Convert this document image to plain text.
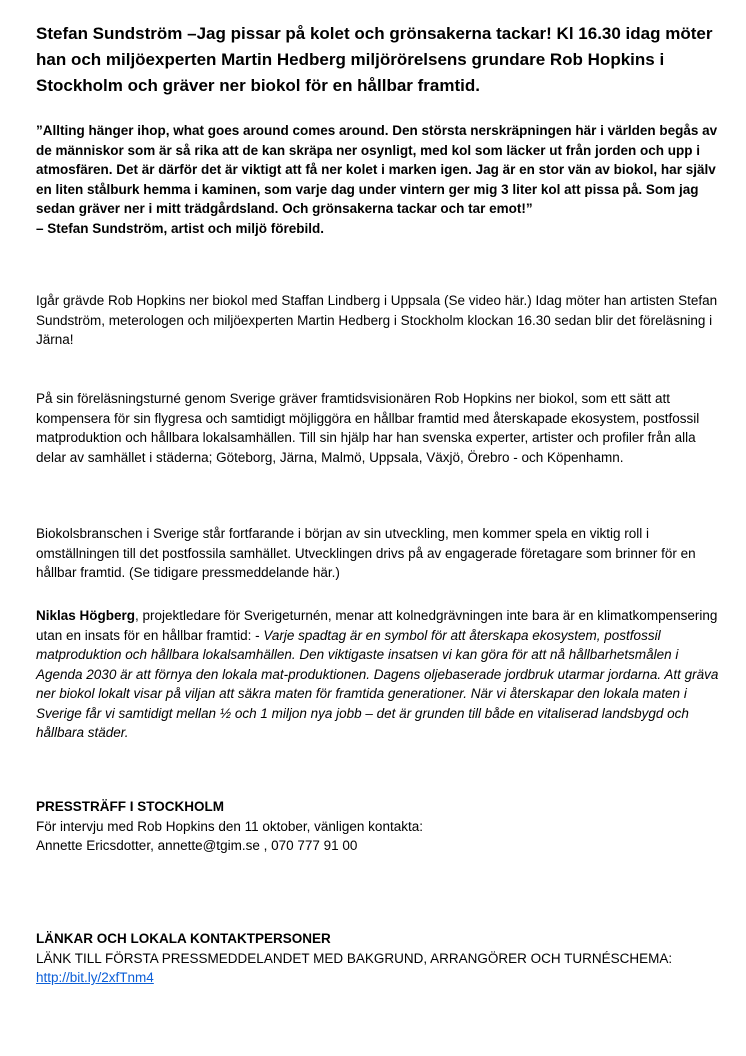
Stefan Sundström –Jag pissar på kolet och grönsakerna tackar! Kl 16.30 idag möter han och miljöexperten Martin Hedberg miljörörelsens grundare Rob Hopkins i Stockholm och gräver ner biokol för en hållbar framtid.
”Allting hänger ihop, what goes around comes around. Den största nerskräpningen här i världen begås av de människor som är så rika att de kan skräpa ner osynligt, med kol som läcker ut från jorden och upp i atmosfären. Det är därför det är viktigt att få ner kolet i marken igen. Jag är en stor vän av biokol, har själv en liten stålburk hemma i kaminen, som varje dag under vintern ger mig 3 liter kol att pissa på. Som jag sedan gräver ner i mitt trädgårdsland. Och grönsakerna tackar och tar emot!”
– Stefan Sundström, artist och miljö förebild.

Igår grävde Rob Hopkins ner biokol med Staffan Lindberg i Uppsala (Se video här.) Idag möter han artisten Stefan Sundström, meterologen och miljöexperten Martin Hedberg i Stockholm klockan 16.30 sedan blir det föreläsning i Järna!

På sin föreläsningsturné genom Sverige gräver framtidsvisionären Rob Hopkins ner biokol, som ett sätt att kompensera för sin flygresa och samtidigt möjliggöra en hållbar framtid med återskapade ekosystem, postfossil matproduktion och hållbara lokalsamhällen. Till sin hjälp har han svenska experter, artister och profiler från alla delar av samhället i städerna; Göteborg, Järna, Malmö, Uppsala, Växjö, Örebro - och Köpenhamn.

Biokolsbranschen i Sverige står fortfarande i början av sin utveckling, men kommer spela en viktig roll i omställningen till det postfossila samhället. Utvecklingen drivs på av engagerade företagare som brinner för en hållbar framtid. (Se tidigare pressmeddelande här.)

Niklas Högberg, projektledare för Sverigeturnén, menar att kolnedgrävningen inte bara är en klimatkompensering utan en insats för en hållbar framtid: - Varje spadtag är en symbol för att återskapa ekosystem, postfossil matproduktion och hållbara lokalsamhällen. Den viktigaste insatsen vi kan göra för att nå hållbarhetsmålen i Agenda 2030 är att förnya den lokala mat-produktionen. Dagens oljebaserade jordbruk utarmar jordarna. Att gräva ner biokol lokalt visar på viljan att säkra maten för framtida generationer. När vi återskapar den lokala maten i Sverige får vi samtidigt mellan ½ och 1 miljon nya jobb – det är grunden till både en vitaliserad landsbygd och hållbara städer.

PRESSTRÄFF I STOCKHOLM
För intervju med Rob Hopkins den 11 oktober, vänligen kontakta:
Annette Ericsdotter, annette@tgim.se , 070 777 91 00
LÄNKAR OCH LOKALA KONTAKTPERSONER
LÄNK TILL FÖRSTA PRESSMEDDELANDET MED BAKGRUND, ARRANGÖRER OCH TURNÉSCHEMA: http://bit.ly/2xfTnm4
